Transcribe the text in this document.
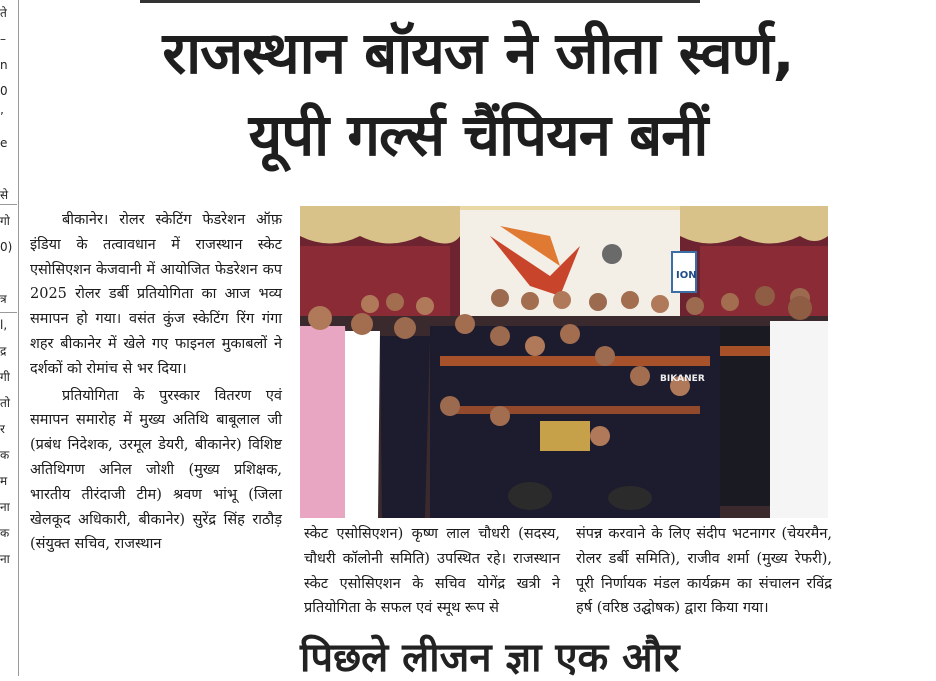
ते
–
n
0
’
e
से
गो
0)
त्र
l,
द्र
गी
तो
र
क
म
ना
क
ना
राजस्थान बॉयज ने जीता स्वर्ण,
यूपी गर्ल्स चैंपियन बनीं

बीकानेर। रोलर स्केटिंग फेडरेशन ऑफ़ इंडिया के तत्वावधान में राजस्थान स्केट एसोसिएशन केजवानी में आयोजित फेडरेशन कप 2025 रोलर डर्बी प्रतियोगिता का आज भव्य समापन हो गया। वसंत कुंज स्केटिंग रिंग गंगा शहर बीकानेर में खेले गए फाइनल मुकाबलों ने दर्शकों को रोमांच से भर दिया।

प्रतियोगिता के पुरस्कार वितरण एवं समापन समारोह में मुख्य अतिथि बाबूलाल जी (प्रबंध निदेशक, उरमूल डेयरी, बीकानेर) विशिष्ट अतिथिगण अनिल जोशी (मुख्य प्रशिक्षक, भारतीय तीरंदाजी टीम) श्रवण भांभू (जिला खेलकूद अधिकारी, बीकानेर) सुरेंद्र सिंह राठौड़ (संयुक्त सचिव, राजस्थान

ION
BIKANER

स्केट एसोसिएशन) कृष्ण लाल चौधरी (सदस्य, चौधरी कॉलोनी समिति) उपस्थित रहे। राजस्थान स्केट एसोसिएशन के सचिव योगेंद्र खत्री ने प्रतियोगिता के सफल एवं स्मूथ रूप से

संपन्न करवाने के लिए संदीप भटनागर (चेयरमैन, रोलर डर्बी समिति), राजीव शर्मा (मुख्य रेफरी), पूरी निर्णायक मंडल कार्यक्रम का संचालन रविंद्र हर्ष (वरिष्ठ उद्घोषक) द्वारा किया गया।

पिछले लीजन ज्ञा एक और
